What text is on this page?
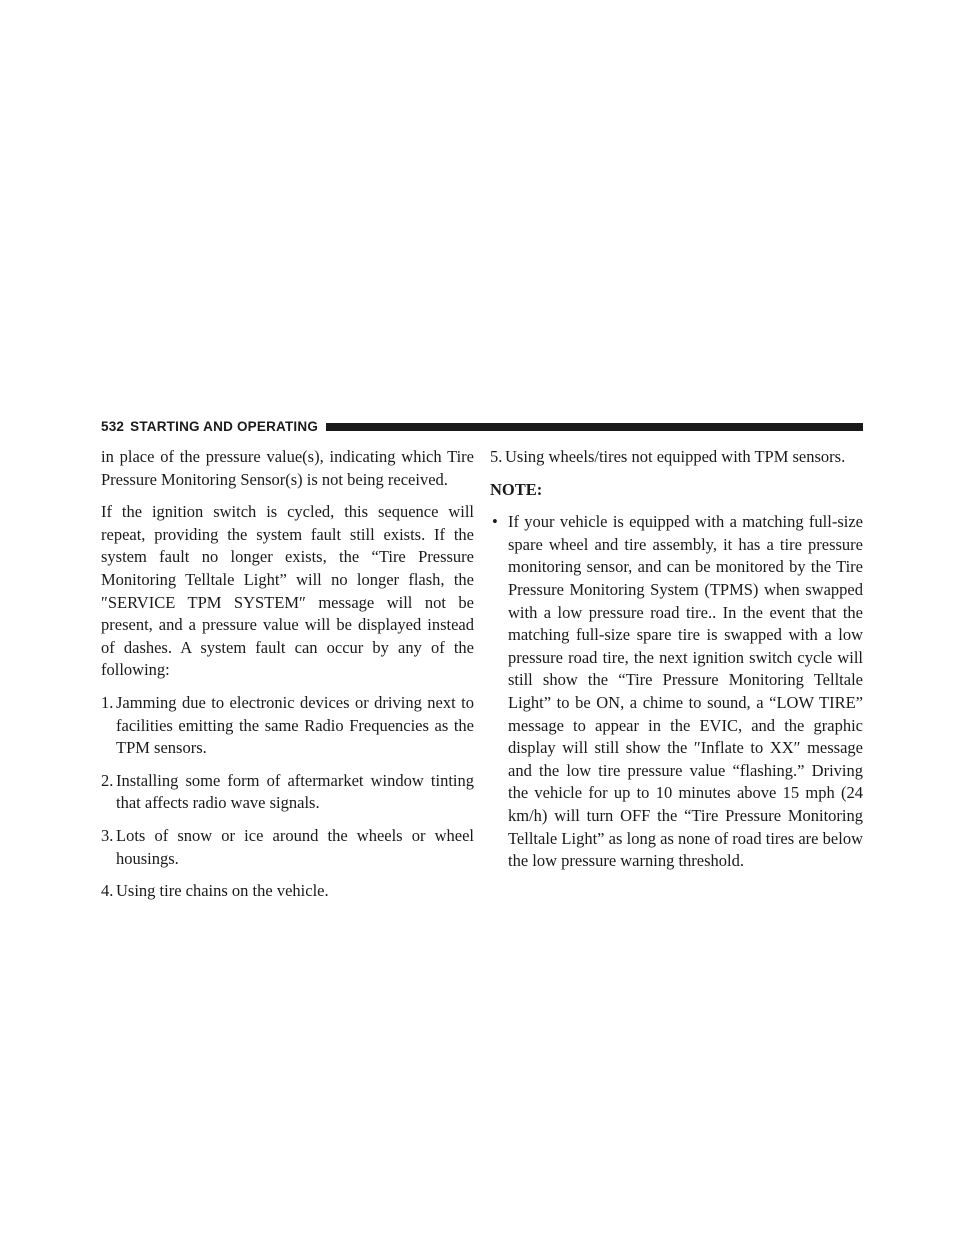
532 STARTING AND OPERATING

in place of the pressure value(s), indicating which Tire Pressure Monitoring Sensor(s) is not being received.

If the ignition switch is cycled, this sequence will repeat, providing the system fault still exists. If the system fault no longer exists, the “Tire Pressure Monitoring Telltale Light” will no longer flash, the ″SERVICE TPM SYSTEM″ message will not be present, and a pressure value will be displayed instead of dashes. A system fault can occur by any of the following:

1. Jamming due to electronic devices or driving next to facilities emitting the same Radio Frequencies as the TPM sensors.
2. Installing some form of aftermarket window tinting that affects radio wave signals.
3. Lots of snow or ice around the wheels or wheel housings.
4. Using tire chains on the vehicle.
5. Using wheels/tires not equipped with TPM sensors.
NOTE:
• If your vehicle is equipped with a matching full-size spare wheel and tire assembly, it has a tire pressure monitoring sensor, and can be monitored by the Tire Pressure Monitoring System (TPMS) when swapped with a low pressure road tire.. In the event that the matching full-size spare tire is swapped with a low pressure road tire, the next ignition switch cycle will still show the “Tire Pressure Monitoring Telltale Light” to be ON, a chime to sound, a “LOW TIRE” message to appear in the EVIC, and the graphic display will still show the ″Inflate to XX″ message and the low tire pressure value “flashing.” Driving the vehicle for up to 10 minutes above 15 mph (24 km/h) will turn OFF the “Tire Pressure Monitoring Telltale Light” as long as none of road tires are below the low pressure warning threshold.
